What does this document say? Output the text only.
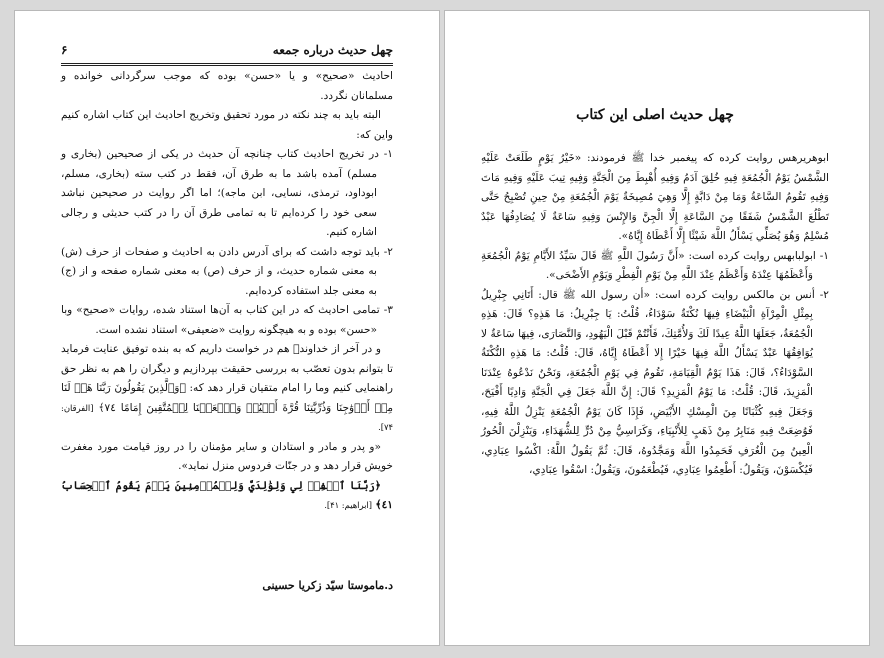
چهل حدیث درباره جمعه
۶

احادیث «صحیح» و یا «حسن» بوده که موجب سرگردانی خوانده و مسلمانان نگردد.

البته باید به چند نکته در مورد تحقیق وتخریج احادیث این کتاب اشاره کنیم واین که:

۱- در تخریج احادیث کتاب چنانچه آن حدیث در یکی از صحیحین (بخاری و مسلم) آمده باشد ما به طرق آن، فقط در کتب سته (بخاری، مسلم، ابوداود، ترمذی، نسایی، ابن ماجه)؛ اما اگر روایت در صحیحین نباشد سعی خود را کرده‌ایم تا به تمامی طرق آن را در کتب حدیثی و رجالی اشاره کنیم.

۲- باید توجه داشت که برای آدرس دادن به احادیث و صفحات از حرف (ش) به معنی شماره حدیث، و از حرف (ص) به معنی شماره صفحه و از (ج) به معنی جلد استفاده کرده‌ایم.

۳- تمامی احادیث که در این کتاب به آن‌ها استناد شده، روایات «صحیح» وبا «حسن» بوده و به هیچگونه روایت «ضعیفی» استناد نشده است.

و در آخر از خداوندﷻ هم در خواست داریم که به بنده توفیق عنایت فرماید تا بتوانم بدون تعصّب به بررسی حقیقت بپردازیم و دیگران را هم به نظر حق راهنمایی کنیم وما را امام متقیان قرار دهد که: ﴿وَٱلَّذِينَ يَقُولُونَ رَبَّنَا هَبۡ لَنَا مِنۡ أَزۡوَٰجِنَا وَذُرِّيَّٰتِنَا قُرَّةَ أَعۡيُنٖ وَٱجۡعَلۡنَا لِلۡمُتَّقِينَ إِمَامًا ٧٤﴾ [الفرقان: ۷۴].

«و پدر و مادر و استادان و سایر مؤمنان را در روز قیامت مورد مغفرت خویش قرار دهد و در جنّات فردوس منزل نماید».

﴿رَبَّنَا ٱغۡفِرۡ لِي وَلِوَٰلِدَيَّ وَلِلۡمُؤۡمِنِينَ يَوۡمَ يَقُومُ ٱلۡحِسَابُ ٤١﴾ [ابراهیم: ۴۱].

د.ماموستا سیّد زکریا حسینی
چهل حدیث اصلی این کتاب

ابوهریرهس روایت کرده که پیغمبر خدا ﷺ فرمودند: «خَيْرُ يَوْمٍ طَلَعَتْ عَلَيْهِ الشَّمْسُ يَوْمُ الْجُمُعَةِ فِيهِ خُلِقَ آدَمُ وَفِيهِ أُهْبِطَ مِنَ الْجَنَّةِ وَفِيهِ تِيبَ عَلَيْهِ وَفِيهِ مَاتَ وَفِيهِ تَقُومُ السَّاعَةُ وَمَا مِنْ دَابَّةٍ إِلَّا وَهِيَ مُصِيخَةٌ يَوْمَ الْجُمُعَةِ مِنْ حِينِ تُصْبِحُ حَتَّى تَطْلُعَ الشَّمْسُ شَفَقًا مِنَ السَّاعَةِ إِلَّا الْجِنَّ وَالإِنْسَ وَفِيهِ سَاعَةٌ لَا يُصَادِفُهَا عَبْدٌ مُسْلِمٌ وَهُوَ يُصَلِّي يَسْأَلُ اللَّهَ شَيْئًا إِلَّا أَعْطَاهُ إِيَّاهُ».

۱- ابولبابهس روایت کرده است: «أَنَّ رَسُولَ اللَّهِ ﷺ قَالَ سَيِّدُ الأَيَّامِ يَوْمُ الْجُمُعَةِ وَأَعْظَمُهَا عِنْدَهُ وَأَعْظَمُ عِنْدَ اللَّهِ مِنْ يَوْمِ الْفِطْرِ وَيَوْمِ الأَضْحَى».

۲- أنس بن مالكس روايت كرده است: «أن رسول الله ﷺ قال: أَتَانِي جِبْرِيلُ بِمِثْلِ الْمِرْآةِ الْبَيْضَاءِ فِيهَا نُكْتَةٌ سَوْدَاءُ، قُلْتُ: يَا جِبْرِيلُ: مَا هَذِهِ؟ قَالَ: هَذِهِ الْجُمُعَةُ، جَعَلَهَا اللَّهُ عِيدًا لَكَ وَلأُمَّتِكَ، فَأَنْتُمْ قَبْلَ الْيَهُودِ، وَالنَّصَارَى، فِيهَا سَاعَةٌ لا يُوَافِقُهَا عَبْدٌ يَسْأَلُ اللَّهَ فِيهَا خَيْرًا إِلا أَعْطَاهُ إِيَّاهُ، قَالَ: قُلْتُ: مَا هَذِهِ النُّكْتَةُ السَّوْدَاءُ؟، قَالَ: هَذَا يَوْمُ الْقِيَامَةِ، تَقُومُ فِي يَوْمِ الْجُمُعَةِ، وَنَحْنُ نَدْعُوهُ عِنْدَنَا الْمَزِيدَ، قَالَ: قُلْتُ: مَا يَوْمُ الْمَزِيدِ؟ قَالَ: إِنَّ اللَّهَ جَعَلَ فِي الْجَنَّةِ وَادِيًا أَفْيَحَ، وَجَعَلَ فِيهِ كُثْبَانًا مِنَ الْمِسْكِ الأَبْيَضِ، فَإِذَا كَانَ يَوْمُ الْجُمُعَةِ يَنْزِلُ اللَّهُ فِيهِ، فَوُضِعَتْ فِيهِ مَنَابِرُ مِنْ ذَهَبٍ لِلأَنْبِيَاءِ، وَكَرَاسِيُّ مِنْ دُرٍّ لِلشُّهَدَاءِ، وَيَنْزِلْنَ الْحُورُ الْعِينُ مِنَ الْغُرَفِ فَحَمِدُوا اللَّهَ وَمَجَّدُوهُ، قَالَ: ثُمَّ يَقُولُ اللَّهُ: اكْسُوا عِبَادِي، فَيُكْسَوْنَ، وَيَقُولُ: أَطْعِمُوا عِبَادِي، فَيُطْعَمُونَ، وَيَقُولُ: اسْقُوا عِبَادِي،
